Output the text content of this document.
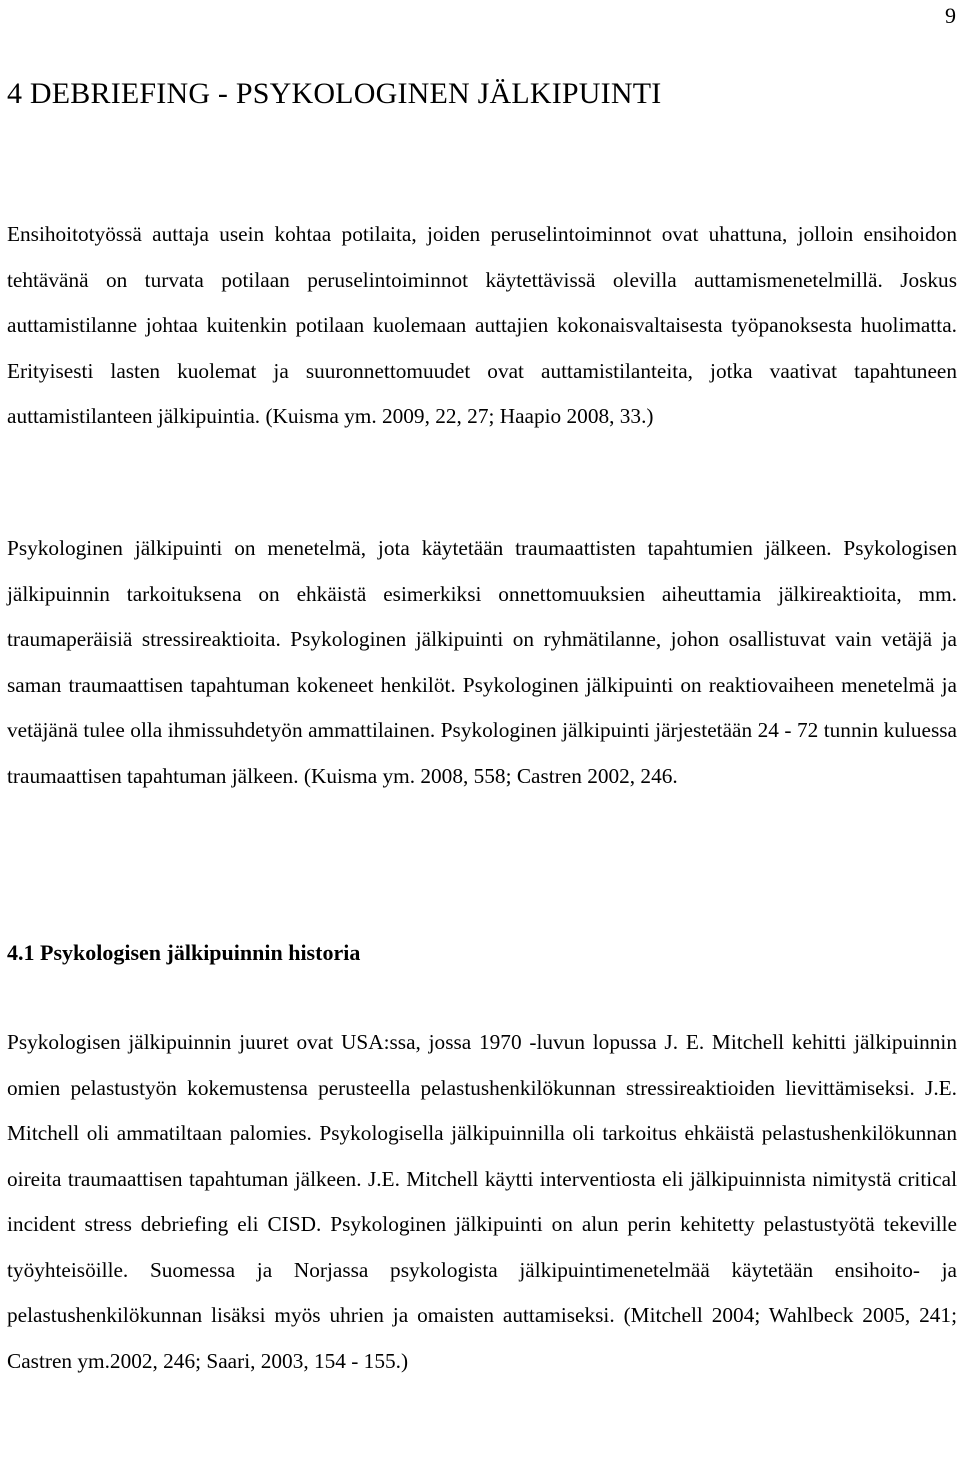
9
4 DEBRIEFING - PSYKOLOGINEN JÄLKIPUINTI

Ensihoitotyössä auttaja usein kohtaa potilaita, joiden peruselintoiminnot ovat uhattuna, jolloin ensihoidon tehtävänä on turvata potilaan peruselintoiminnot käytettävissä olevilla auttamismenetelmillä. Joskus auttamistilanne johtaa kuitenkin potilaan kuolemaan auttajien kokonaisvaltaisesta työpanoksesta huolimatta. Erityisesti lasten kuolemat ja suuronnettomuudet ovat auttamistilanteita, jotka vaativat tapahtuneen auttamistilanteen jälkipuintia. (Kuisma ym. 2009, 22, 27; Haapio 2008, 33.)

Psykologinen jälkipuinti on menetelmä, jota käytetään traumaattisten tapahtumien jälkeen. Psykologisen jälkipuinnin tarkoituksena on ehkäistä esimerkiksi onnettomuuksien aiheuttamia jälkireaktioita, mm. traumaperäisiä stressireaktioita. Psykologinen jälkipuinti on ryhmätilanne, johon osallistuvat vain vetäjä ja saman traumaattisen tapahtuman kokeneet henkilöt. Psykologinen jälkipuinti on reaktiovaiheen menetelmä ja vetäjänä tulee olla ihmissuhdetyön ammattilainen. Psykologinen jälkipuinti järjestetään 24 - 72 tunnin kuluessa traumaattisen tapahtuman jälkeen. (Kuisma ym. 2008, 558; Castren 2002, 246.

4.1 Psykologisen jälkipuinnin historia

Psykologisen jälkipuinnin juuret ovat USA:ssa, jossa 1970 -luvun lopussa J. E. Mitchell kehitti jälkipuinnin omien pelastustyön kokemustensa perusteella pelastushenkilökunnan stressireaktioiden lievittämiseksi. J.E. Mitchell oli ammatiltaan palomies. Psykologisella jälkipuinnilla oli tarkoitus ehkäistä pelastushenkilökunnan oireita traumaattisen tapahtuman jälkeen. J.E. Mitchell käytti interventiosta eli jälkipuinnista nimitystä critical incident stress debriefing eli CISD. Psykologinen jälkipuinti on alun perin kehitetty pelastustyötä tekeville työyhteisöille. Suomessa ja Norjassa psykologista jälkipuintimenetelmää käytetään ensihoito- ja pelastushenkilökunnan lisäksi myös uhrien ja omaisten auttamiseksi. (Mitchell 2004; Wahlbeck 2005, 241; Castren ym.2002, 246; Saari, 2003, 154 - 155.)
